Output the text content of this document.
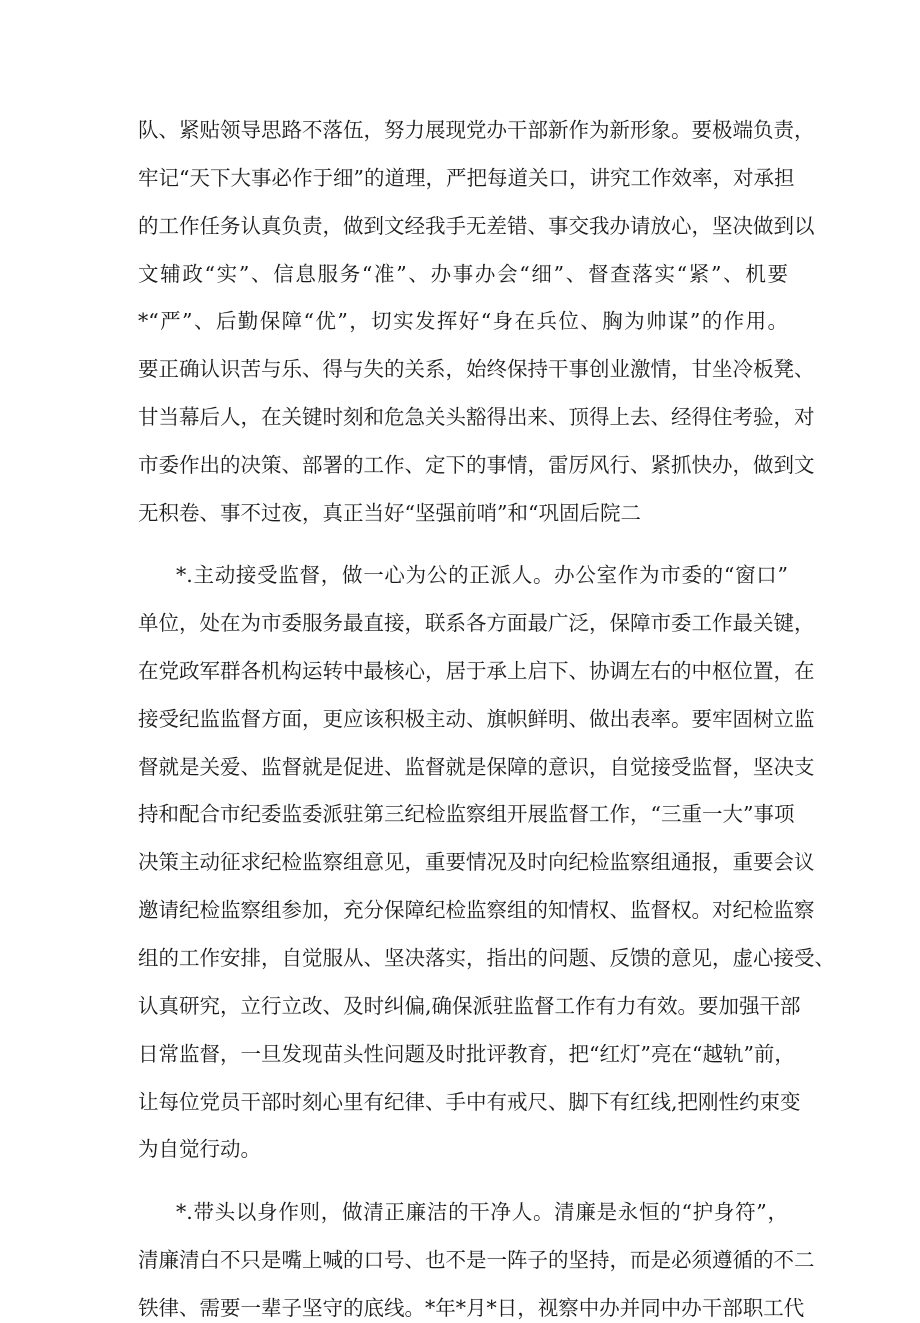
队、紧贴领导思路不落伍，努力展现党办干部新作为新形象。要极端负责，
牢记“天下大事必作于细”的道理，严把每道关口，讲究工作效率，对承担
的工作任务认真负责，做到文经我手无差错、事交我办请放心，坚决做到以
文辅政“实”、信息服务“准”、办事办会“细”、督查落实“紧”、机要
*“严”、后勤保障“优”，切实发挥好“身在兵位、胸为帅谋”的作用。
要正确认识苦与乐、得与失的关系，始终保持干事创业激情，甘坐冷板凳、
甘当幕后人，在关键时刻和危急关头豁得出来、顶得上去、经得住考验，对
市委作出的决策、部署的工作、定下的事情，雷厉风行、紧抓快办，做到文
无积卷、事不过夜，真正当好“坚强前哨”和“巩固后院二
*.主动接受监督，做一心为公的正派人。办公室作为市委的“窗口”
单位，处在为市委服务最直接，联系各方面最广泛，保障市委工作最关键，
在党政军群各机构运转中最核心，居于承上启下、协调左右的中枢位置，在
接受纪监监督方面，更应该积极主动、旗帜鲜明、做出表率。要牢固树立监
督就是关爱、监督就是促进、监督就是保障的意识，自觉接受监督，坚决支
持和配合市纪委监委派驻第三纪检监察组开展监督工作，“三重一大”事项
决策主动征求纪检监察组意见，重要情况及时向纪检监察组通报，重要会议
邀请纪检监察组参加，充分保障纪检监察组的知情权、监督权。对纪检监察
组的工作安排，自觉服从、坚决落实，指出的问题、反馈的意见，虚心接受、
认真研究，立行立改、及时纠偏,确保派驻监督工作有力有效。要加强干部
日常监督，一旦发现苗头性问题及时批评教育，把“红灯”亮在“越轨”前，
让每位党员干部时刻心里有纪律、手中有戒尺、脚下有红线,把刚性约束变
为自觉行动。
*.带头以身作则，做清正廉洁的干净人。清廉是永恒的“护身符”，
清廉清白不只是嘴上喊的口号、也不是一阵子的坚持，而是必须遵循的不二
铁律、需要一辈子坚守的底线。*年*月*日，视察中办并同中办干部职工代
